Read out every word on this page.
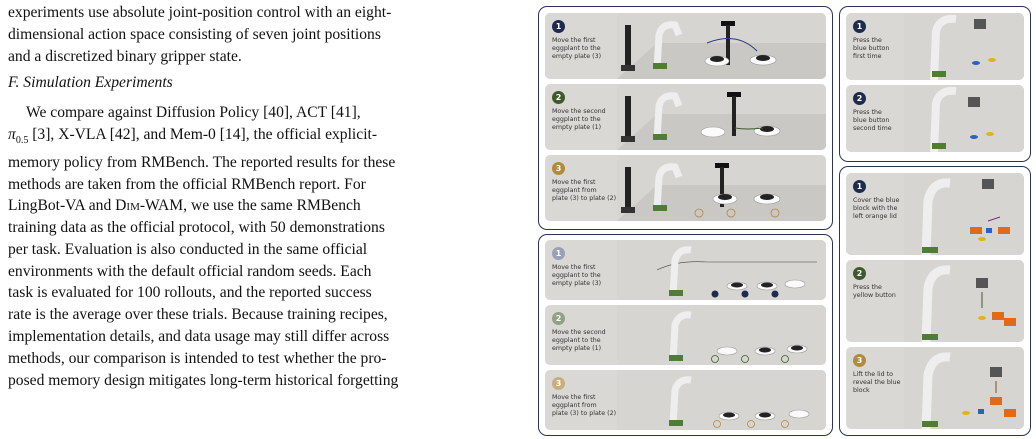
experiments use absolute joint-position control with an eight-
dimensional action space consisting of seven joint positions
and a discretized binary gripper state.

F. Simulation Experiments

We compare against Diffusion Policy [40], ACT [41],
$\pi_{0.5}$ [3], X-VLA [42], and Mem-0 [14], the official explicit-
memory policy from RMBench. The reported results for these
methods are taken from the official RMBench report. For
LingBot-VA and Dim-WAM, we use the same RMBench
training data as the official protocol, with 50 demonstrations
per task. Evaluation is also conducted in the same official
environments with the default official random seeds. Each
task is evaluated for 100 rollouts, and the reported success
rate is the average over these trials. Because training recipes,
implementation details, and data usage may still differ across
methods, our comparison is intended to test whether the pro-
posed memory design mitigates long-term historical forgetting

1
Move the first
eggplant to the
empty plate (3)
2
Move the second
eggplant to the
empty plate (1)
3
Move the first
eggplant from
plate (3) to plate (2)
1
Press the
blue button
first time
2
Press the
blue button
second time
1
Move the first
eggplant to the
empty plate (3)
2
Move the second
eggplant to the
empty plate (1)
3
Move the first
eggplant from
plate (3) to plate (2)
1
Cover the blue
block with the
left orange lid
2
Press the
yellow button
3
Lift the lid to
reveal the blue
block
